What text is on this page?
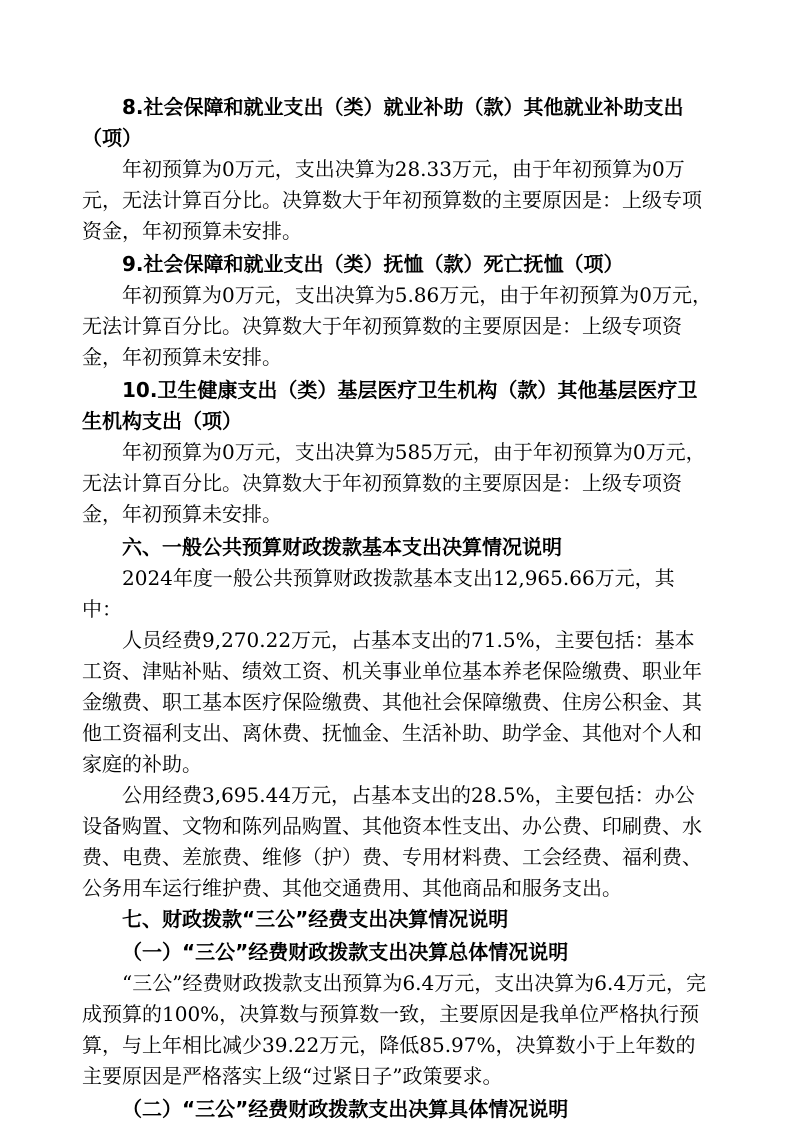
8.社会保障和就业支出（类）就业补助（款）其他就业补助支出（项）

年初预算为0万元，支出决算为28.33万元，由于年初预算为0万元，无法计算百分比。决算数大于年初预算数的主要原因是：上级专项资金，年初预算未安排。

9.社会保障和就业支出（类）抚恤（款）死亡抚恤（项）

年初预算为0万元，支出决算为5.86万元，由于年初预算为0万元，无法计算百分比。决算数大于年初预算数的主要原因是：上级专项资金，年初预算未安排。

10.卫生健康支出（类）基层医疗卫生机构（款）其他基层医疗卫生机构支出（项）

年初预算为0万元，支出决算为585万元，由于年初预算为0万元，无法计算百分比。决算数大于年初预算数的主要原因是：上级专项资金，年初预算未安排。

六、一般公共预算财政拨款基本支出决算情况说明

2024年度一般公共预算财政拨款基本支出12,965.66万元，其中：

人员经费9,270.22万元，占基本支出的71.5%，主要包括：基本工资、津贴补贴、绩效工资、机关事业单位基本养老保险缴费、职业年金缴费、职工基本医疗保险缴费、其他社会保障缴费、住房公积金、其他工资福利支出、离休费、抚恤金、生活补助、助学金、其他对个人和家庭的补助。

公用经费3,695.44万元，占基本支出的28.5%，主要包括：办公设备购置、文物和陈列品购置、其他资本性支出、办公费、印刷费、水费、电费、差旅费、维修（护）费、专用材料费、工会经费、福利费、公务用车运行维护费、其他交通费用、其他商品和服务支出。

七、财政拨款“三公”经费支出决算情况说明

（一）“三公”经费财政拨款支出决算总体情况说明

“三公”经费财政拨款支出预算为6.4万元，支出决算为6.4万元，完成预算的100%，决算数与预算数一致，主要原因是我单位严格执行预算，与上年相比减少39.22万元，降低85.97%，决算数小于上年数的主要原因是严格落实上级“过紧日子”政策要求。

（二）“三公”经费财政拨款支出决算具体情况说明
